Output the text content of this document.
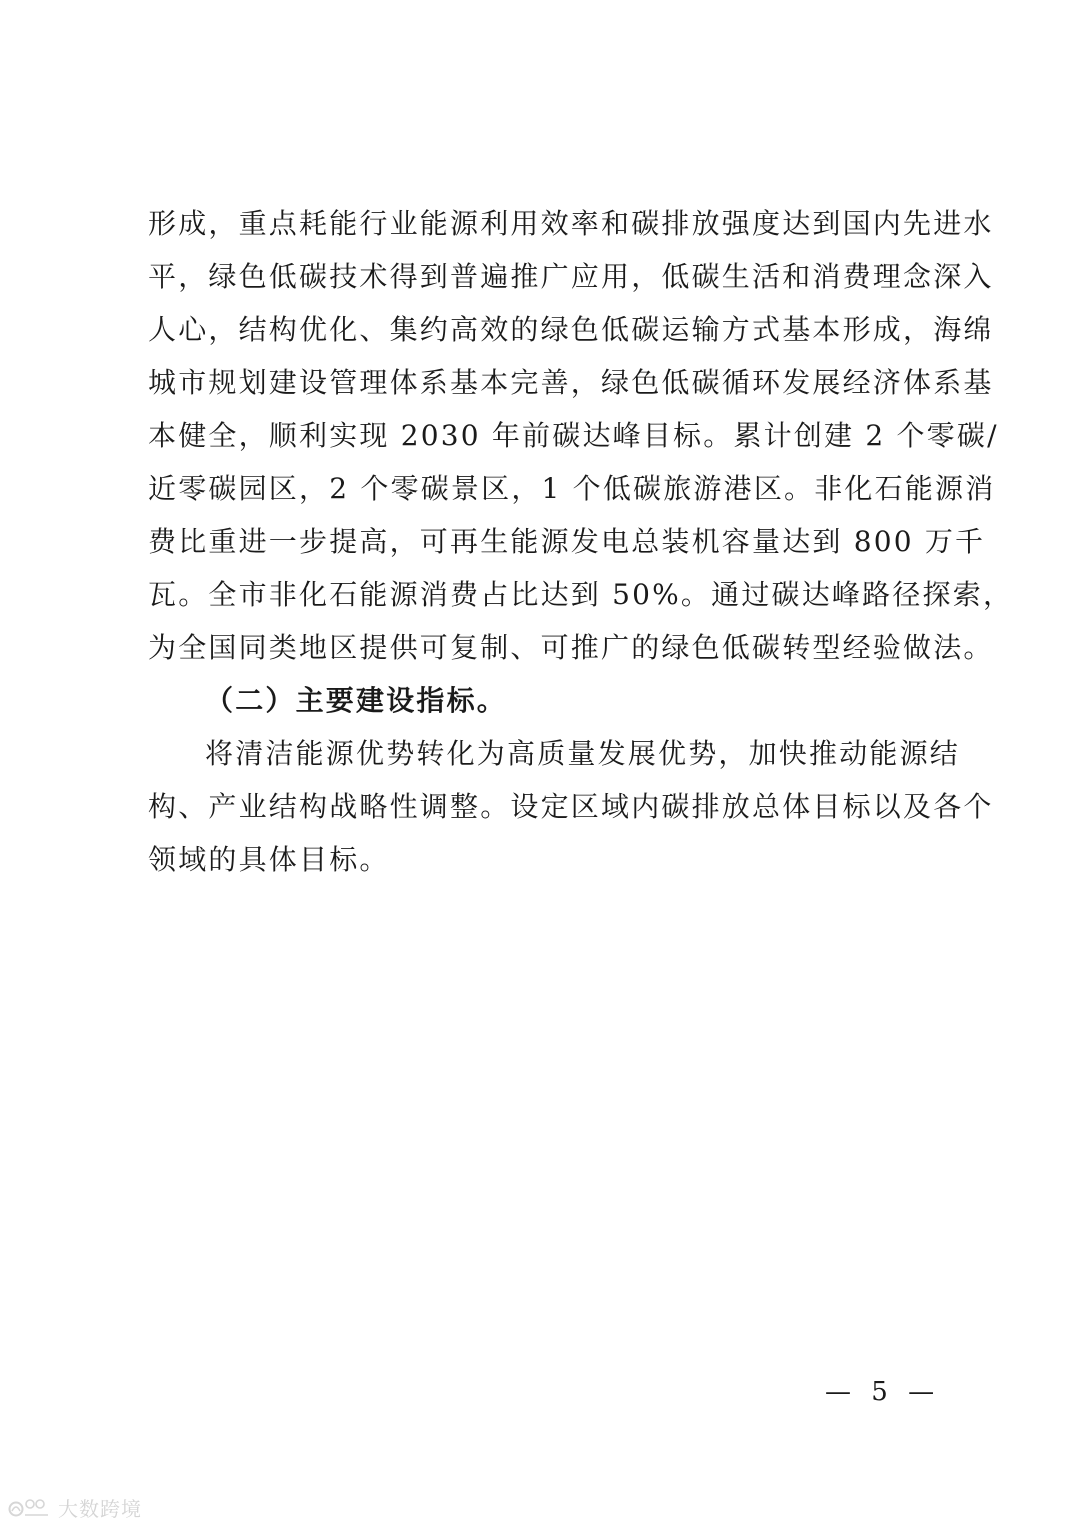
形成，重点耗能行业能源利用效率和碳排放强度达到国内先进水
平，绿色低碳技术得到普遍推广应用，低碳生活和消费理念深入
人心，结构优化、集约高效的绿色低碳运输方式基本形成，海绵
城市规划建设管理体系基本完善，绿色低碳循环发展经济体系基
本健全，顺利实现 2030 年前碳达峰目标。累计创建 2 个零碳/
近零碳园区，2 个零碳景区，1 个低碳旅游港区。非化石能源消
费比重进一步提高，可再生能源发电总装机容量达到 800 万千
瓦。全市非化石能源消费占比达到 50%。通过碳达峰路径探索，
为全国同类地区提供可复制、可推广的绿色低碳转型经验做法。
（二）主要建设指标。
将清洁能源优势转化为高质量发展优势，加快推动能源结
构、产业结构战略性调整。设定区域内碳排放总体目标以及各个
领域的具体目标。
— 5 —
大数跨境
